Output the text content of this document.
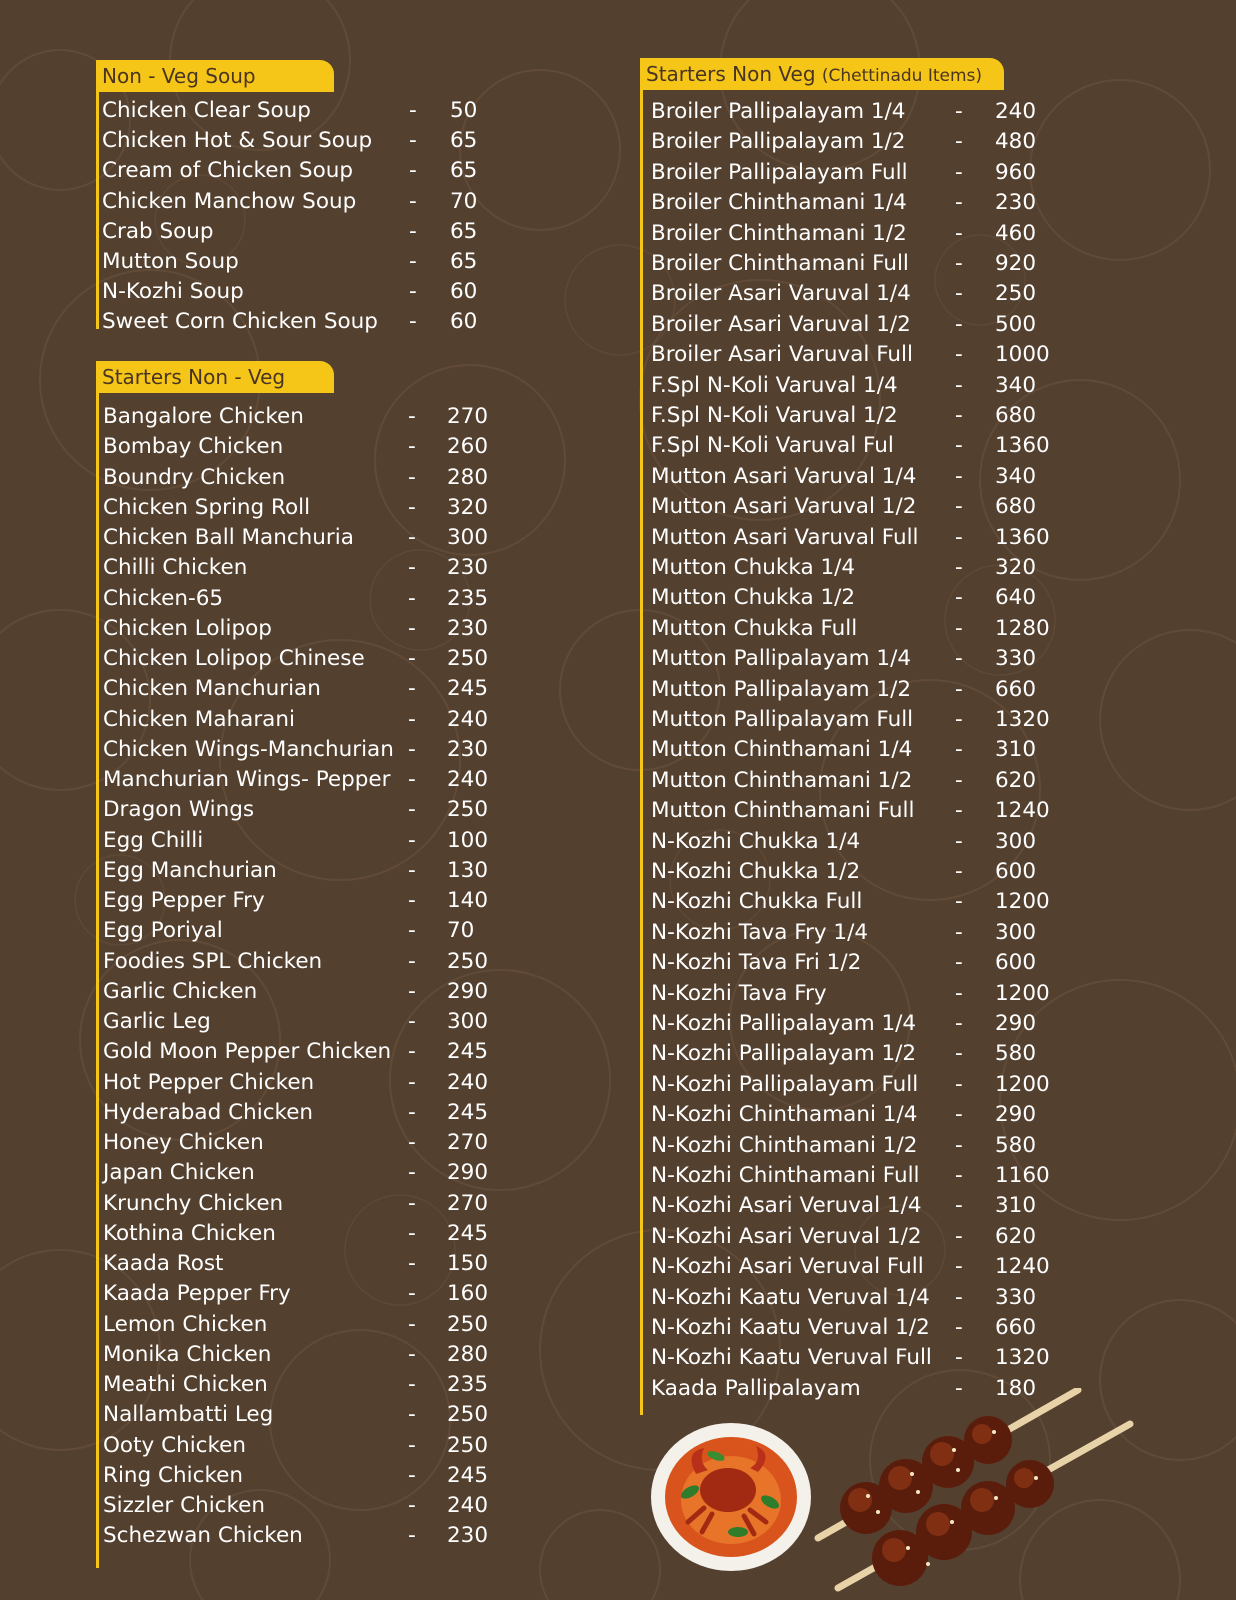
Non - Veg Soup
Chicken Clear Soup	- 50
Chicken Hot & Sour Soup - 65
Cream of Chicken Soup	- 65
Chicken Manchow Soup - 70
Crab Soup	- 65
Mutton Soup	- 65
N-Kozhi Soup	- 60
Sweet Corn Chicken Soup - 60
Starters Non - Veg
Bangalore Chicken	- 270
Bombay Chicken	- 260
Boundry Chicken	- 280
Chicken Spring Roll	- 320
Chicken Ball Manchuria	- 300
Chilli Chicken	- 230
Chicken-65	- 235
Chicken Lolipop	- 230
Chicken Lolipop Chinese - 250
Chicken Manchurian	- 245
Chicken Maharani	- 240
Chicken Wings-Manchurian - 230
Manchurian Wings- Pepper - 240
Dragon Wings	- 250
Egg Chilli	- 100
Egg Manchurian	- 130
Egg Pepper Fry	- 140
Egg Poriyal	- 70
Foodies SPL Chicken	- 250
Garlic Chicken	- 290
Garlic Leg	- 300
Gold Moon Pepper Chicken - 245
Hot Pepper Chicken	- 240
Hyderabad Chicken	- 245
Honey Chicken	- 270
Japan Chicken	- 290
Krunchy Chicken	- 270
Kothina Chicken	- 245
Kaada Rost	- 150
Kaada Pepper Fry	- 160
Lemon Chicken	- 250
Monika Chicken	- 280
Meathi Chicken	- 235
Nallambatti Leg	- 250
Ooty Chicken	- 250
Ring Chicken	- 245
Sizzler Chicken	- 240
Schezwan Chicken	- 230
Starters Non Veg (Chettinadu Items)
Broiler Pallipalayam 1/4 - 240
Broiler Pallipalayam 1/2 - 480
Broiler Pallipalayam Full - 960
Broiler Chinthamani 1/4 - 230
Broiler Chinthamani 1/2 - 460
Broiler Chinthamani Full - 920
Broiler Asari Varuval 1/4 - 250
Broiler Asari Varuval 1/2 - 500
Broiler Asari Varuval Full - 1000
F.Spl N-Koli Varuval 1/4	- 340
F.Spl N-Koli Varuval 1/2	- 680
F.Spl N-Koli Varuval Ful	- 1360
Mutton Asari Varuval 1/4 - 340
Mutton Asari Varuval 1/2 - 680
Mutton Asari Varuval Full - 1360
Mutton Chukka 1/4	- 320
Mutton Chukka 1/2	- 640
Mutton Chukka Full	- 1280
Mutton Pallipalayam 1/4 - 330
Mutton Pallipalayam 1/2 - 660
Mutton Pallipalayam Full - 1320
Mutton Chinthamani 1/4 - 310
Mutton Chinthamani 1/2 - 620
Mutton Chinthamani Full - 1240
N-Kozhi Chukka 1/4	- 300
N-Kozhi Chukka 1/2	- 600
N-Kozhi Chukka Full	- 1200
N-Kozhi Tava Fry 1/4	- 300
N-Kozhi Tava Fri 1/2	- 600
N-Kozhi Tava Fry	- 1200
N-Kozhi Pallipalayam 1/4 - 290
N-Kozhi Pallipalayam 1/2 - 580
N-Kozhi Pallipalayam Full - 1200
N-Kozhi Chinthamani 1/4 - 290
N-Kozhi Chinthamani 1/2 - 580
N-Kozhi Chinthamani Full - 1160
N-Kozhi Asari Veruval 1/4 - 310
N-Kozhi Asari Veruval 1/2 - 620
N-Kozhi Asari Veruval Full - 1240
N-Kozhi Kaatu Veruval 1/4 - 330
N-Kozhi Kaatu Veruval 1/2 - 660
N-Kozhi Kaatu Veruval Full - 1320
Kaada Pallipalayam	- 180
